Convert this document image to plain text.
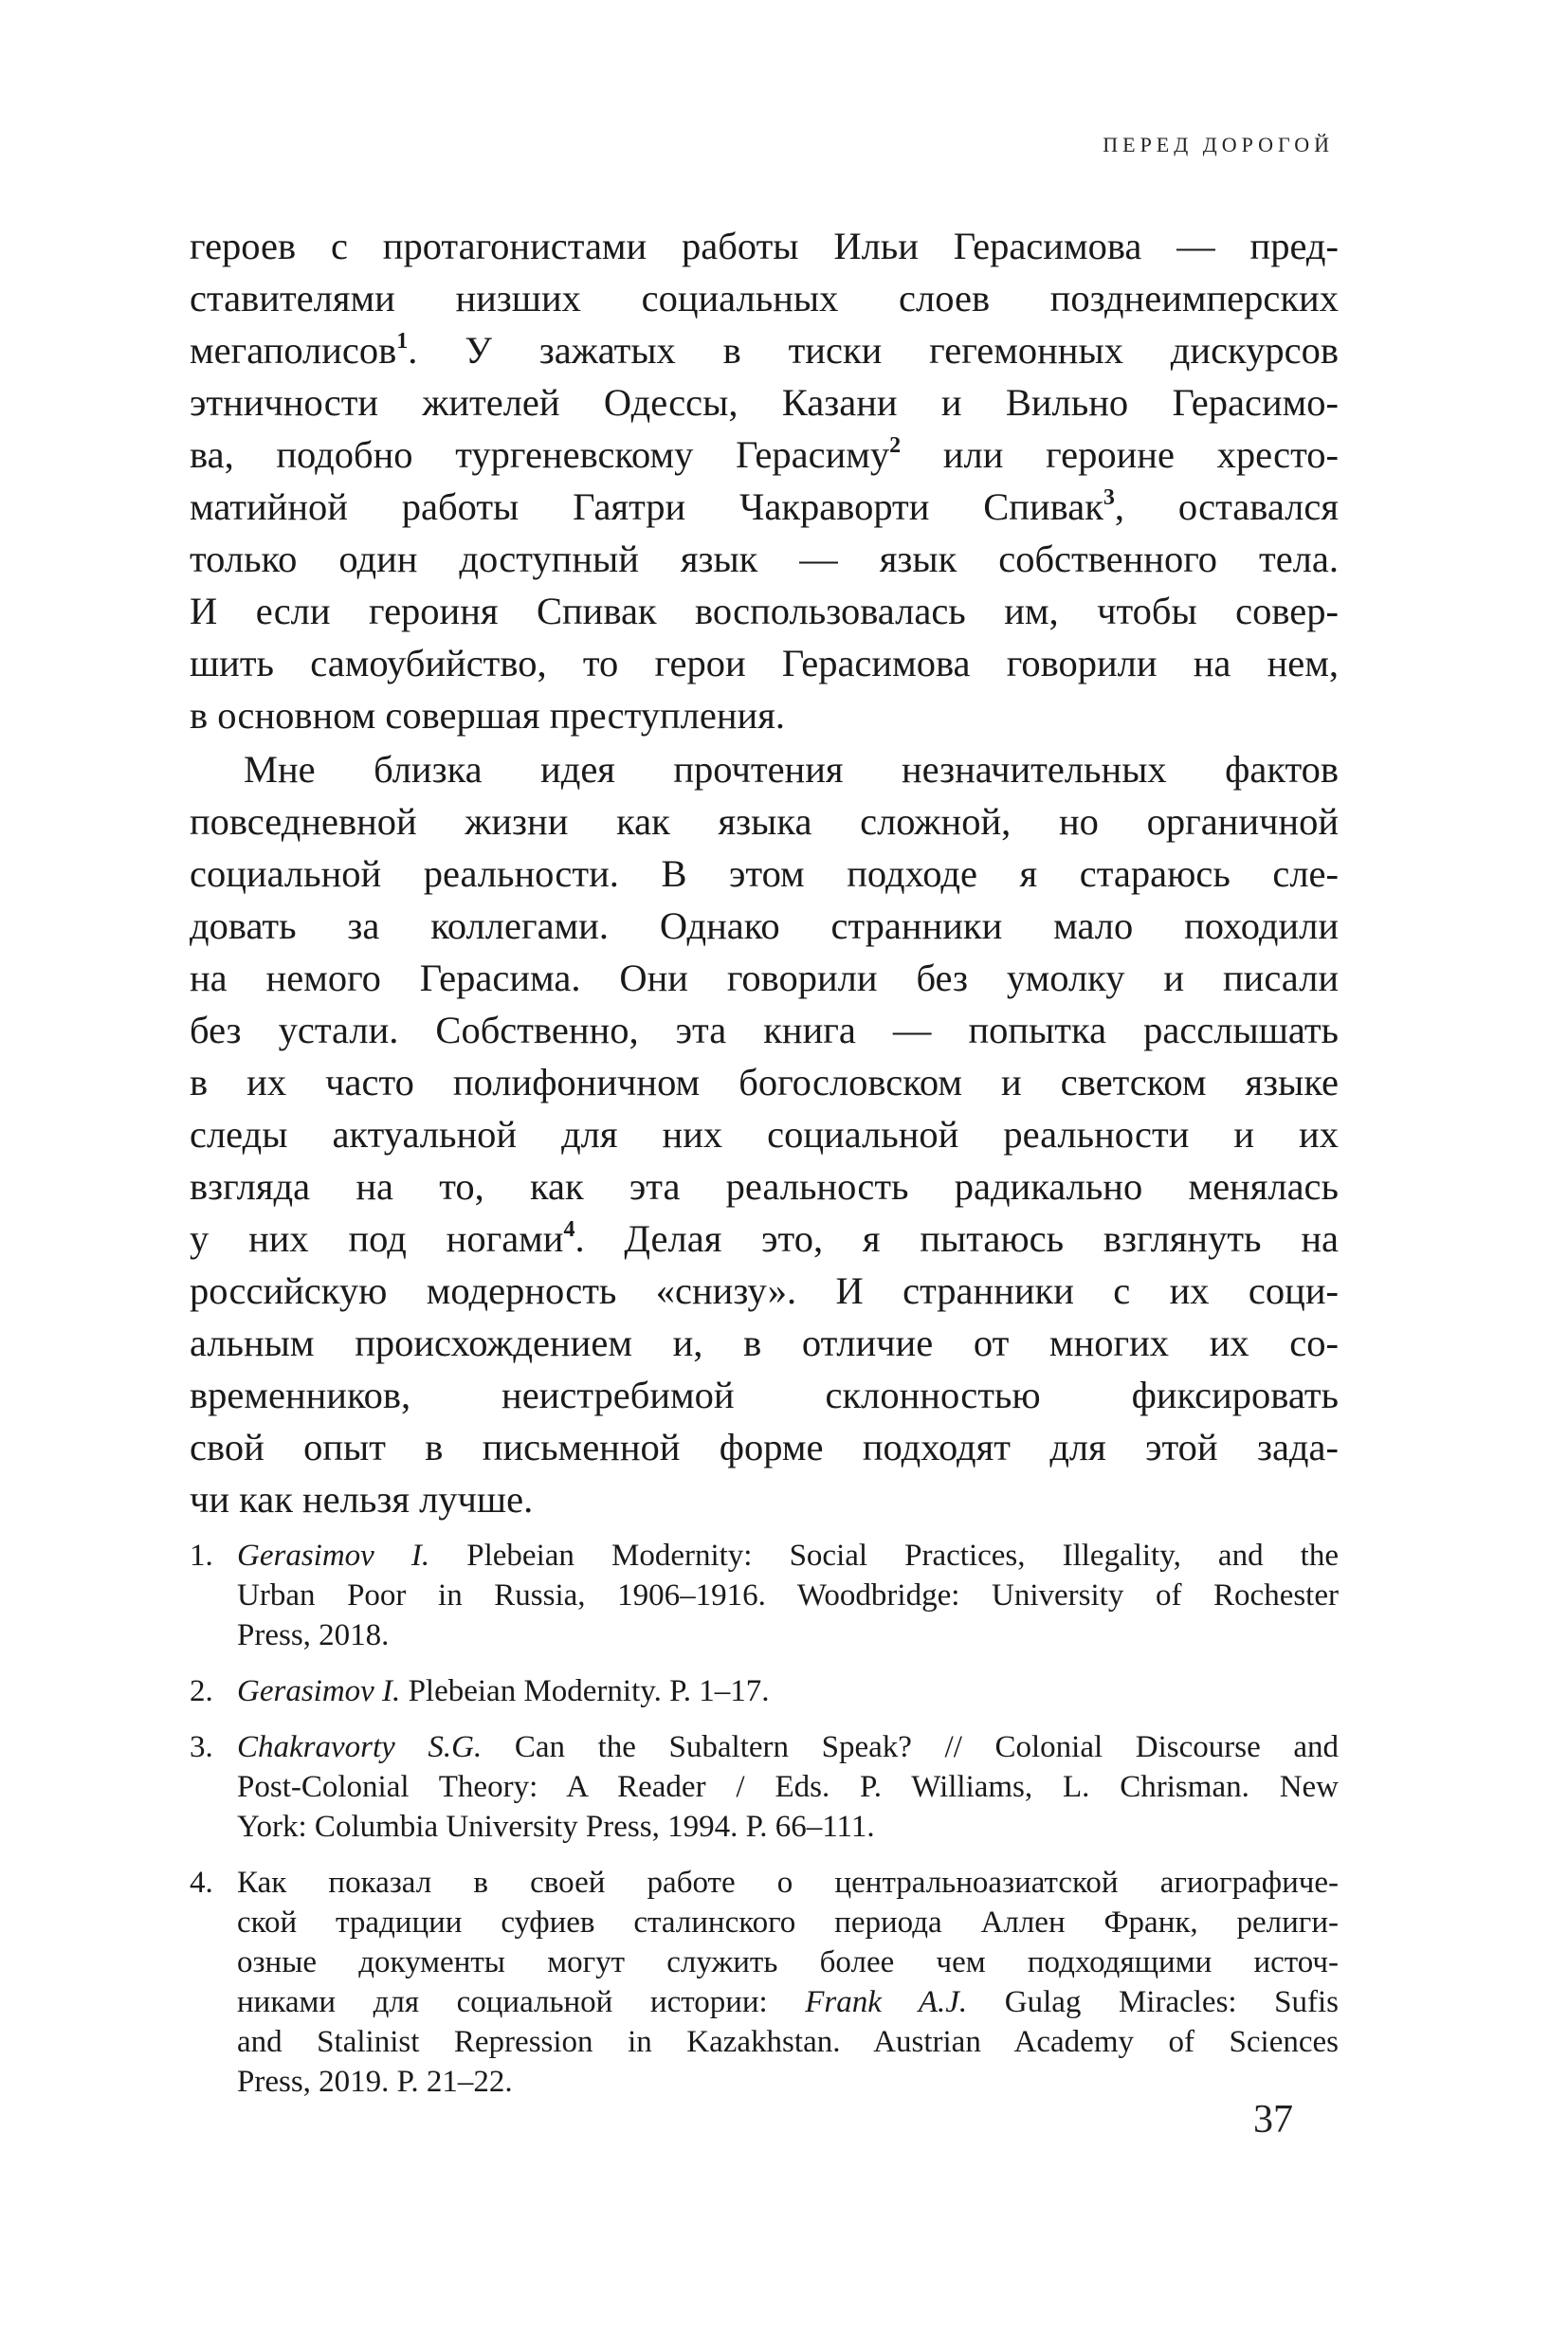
ПЕРЕД ДОРОГОЙ

героев с протагонистами работы Ильи Герасимова — пред-
ставителями низших социальных слоев позднеимперских
мегаполисов$^1$. У зажатых в тиски гегемонных дискурсов
этничности жителей Одессы, Казани и Вильно Герасимо-
ва, подобно тургеневскому Герасиму$^2$ или героине хресто-
матийной работы Гаятри Чакраворти Спивак$^3$, оставался
только один доступный язык — язык собственного тела.
И если героиня Спивак воспользовалась им, чтобы совер-
шить самоубийство, то герои Герасимова говорили на нем,
в основном совершая преступления.

Мне близка идея прочтения незначительных фактов
повседневной жизни как языка сложной, но органичной
социальной реальности. В этом подходе я стараюсь сле-
довать за коллегами. Однако странники мало походили
на немого Герасима. Они говорили без умолку и писали
без устали. Собственно, эта книга — попытка расслышать
в их часто полифоничном богословском и светском языке
следы актуальной для них социальной реальности и их
взгляда на то, как эта реальность радикально менялась
у них под ногами$^4$. Делая это, я пытаюсь взглянуть на
российскую модерность «снизу». И странники с их соци-
альным происхождением и, в отличие от многих их со-
временников, неистребимой склонностью фиксировать
свой опыт в письменной форме подходят для этой зада-
чи как нельзя лучше.

1. Gerasimov I. Plebeian Modernity: Social Practices, Illegality, and the
Urban Poor in Russia, 1906–1916. Woodbridge: University of Rochester
Press, 2018.
2. Gerasimov I. Plebeian Modernity. P. 1–17.
3. Chakravorty S.G. Can the Subaltern Speak? // Colonial Discourse and
Post-Colonial Theory: A Reader / Eds. P. Williams, L. Chrisman. New
York: Columbia University Press, 1994. P. 66–111.
4. Как показал в своей работе о центральноазиатской агиографиче-
ской традиции суфиев сталинского периода Аллен Франк, религи-
озные документы могут служить более чем подходящими источ-
никами для социальной истории: Frank A.J. Gulag Miracles: Sufis
and Stalinist Repression in Kazakhstan. Austrian Academy of Sciences
Press, 2019. P. 21–22.
37
